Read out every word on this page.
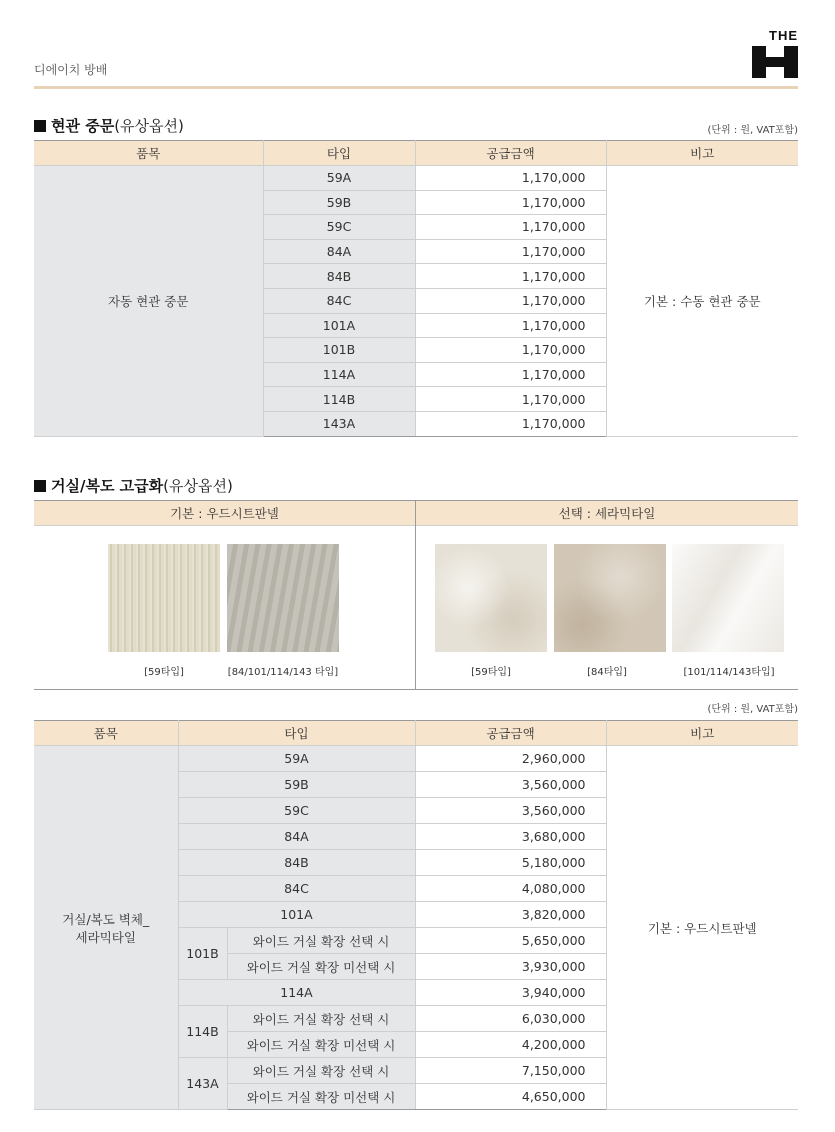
디에이치 방배
THE
현관 중문 (유상옵션)	(단위 : 원, VAT포함)
품목	타입	공급금액	비고
자동 현관 중문	59A	1,170,000	기본 : 수동 현관 중문
	59B	1,170,000	
	59C	1,170,000	
	84A	1,170,000	
	84B	1,170,000	
	84C	1,170,000	
	101A	1,170,000	
	101B	1,170,000	
	114A	1,170,000	
	114B	1,170,000	
	143A	1,170,000	
거실/복도 고급화 (유상옵션)
기본 : 우드시트판넬	선택 : 세라믹타일
[59타입]	[84/101/114/143 타입]	[59타입]	[84타입]	[101/114/143타입]
(단위 : 원, VAT포함)
품목	타입		공급금액	비고
거실/복도 벽체_ 세라믹타일	59A		2,960,000	기본 : 우드시트판넬
	59B		3,560,000	
	59C		3,560,000	
	84A		3,680,000	
	84B		5,180,000	
	84C		4,080,000	
	101A		3,820,000	
	101B	와이드 거실 확장 선택 시	5,650,000	
		와이드 거실 확장 미선택 시	3,930,000	
	114A		3,940,000	
	114B	와이드 거실 확장 선택 시	6,030,000	
		와이드 거실 확장 미선택 시	4,200,000	
	143A	와이드 거실 확장 선택 시	7,150,000	
		와이드 거실 확장 미선택 시	4,650,000	
